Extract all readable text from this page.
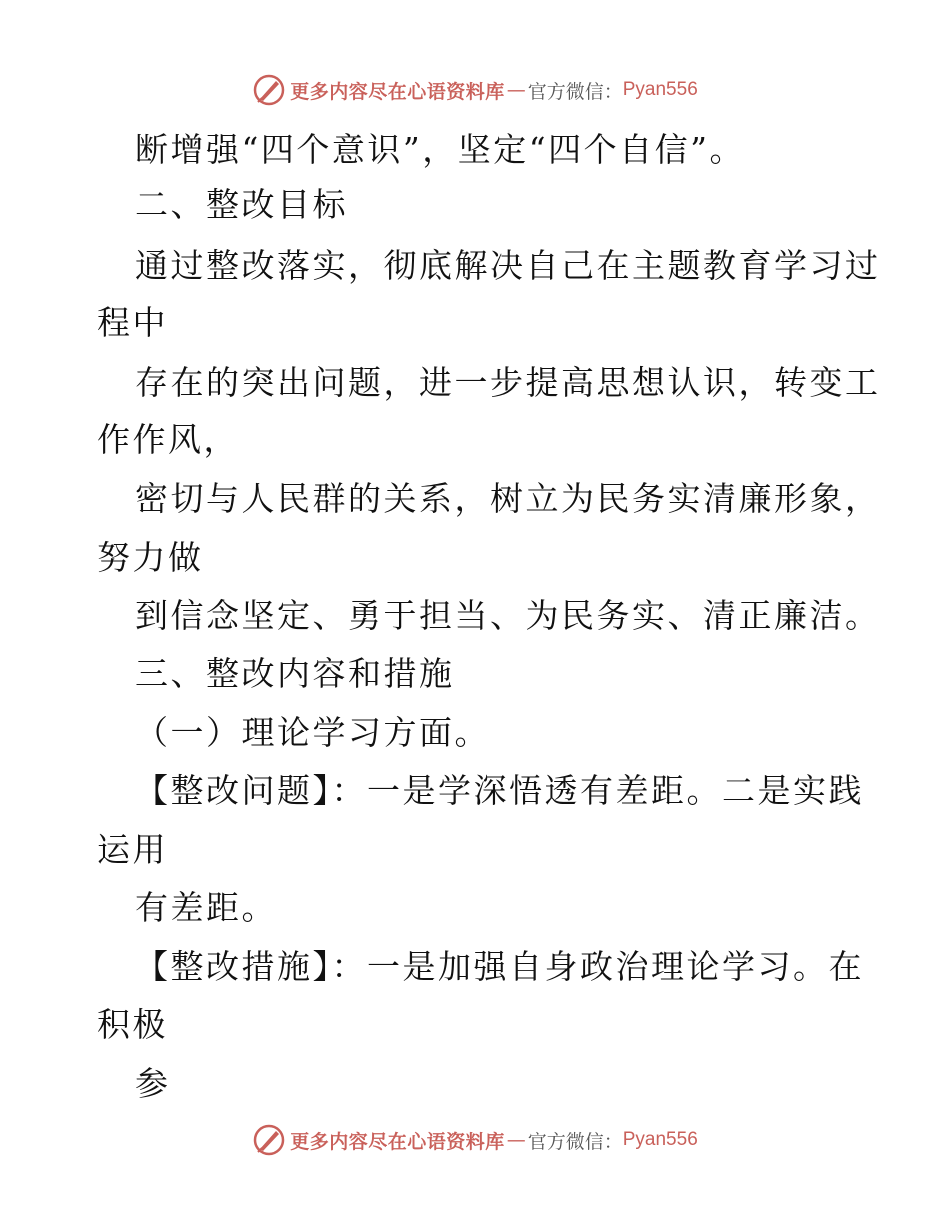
更多内容尽在心语资料库 — 官方微信： Pyan556
断增强“四个意识”，坚定“四个自信”。
二、整改目标
通过整改落实，彻底解决自己在主题教育学习过
程中
存在的突出问题，进一步提高思想认识，转变工
作作风，
密切与人民群的关系，树立为民务实清廉形象，
努力做
到信念坚定、勇于担当、为民务实、清正廉洁。
三、整改内容和措施
（一）理论学习方面。
【整改问题】：一是学深悟透有差距。二是实践
运用
有差距。
【整改措施】：一是加强自身政治理论学习。在
积极
参
更多内容尽在心语资料库 — 官方微信： Pyan556
